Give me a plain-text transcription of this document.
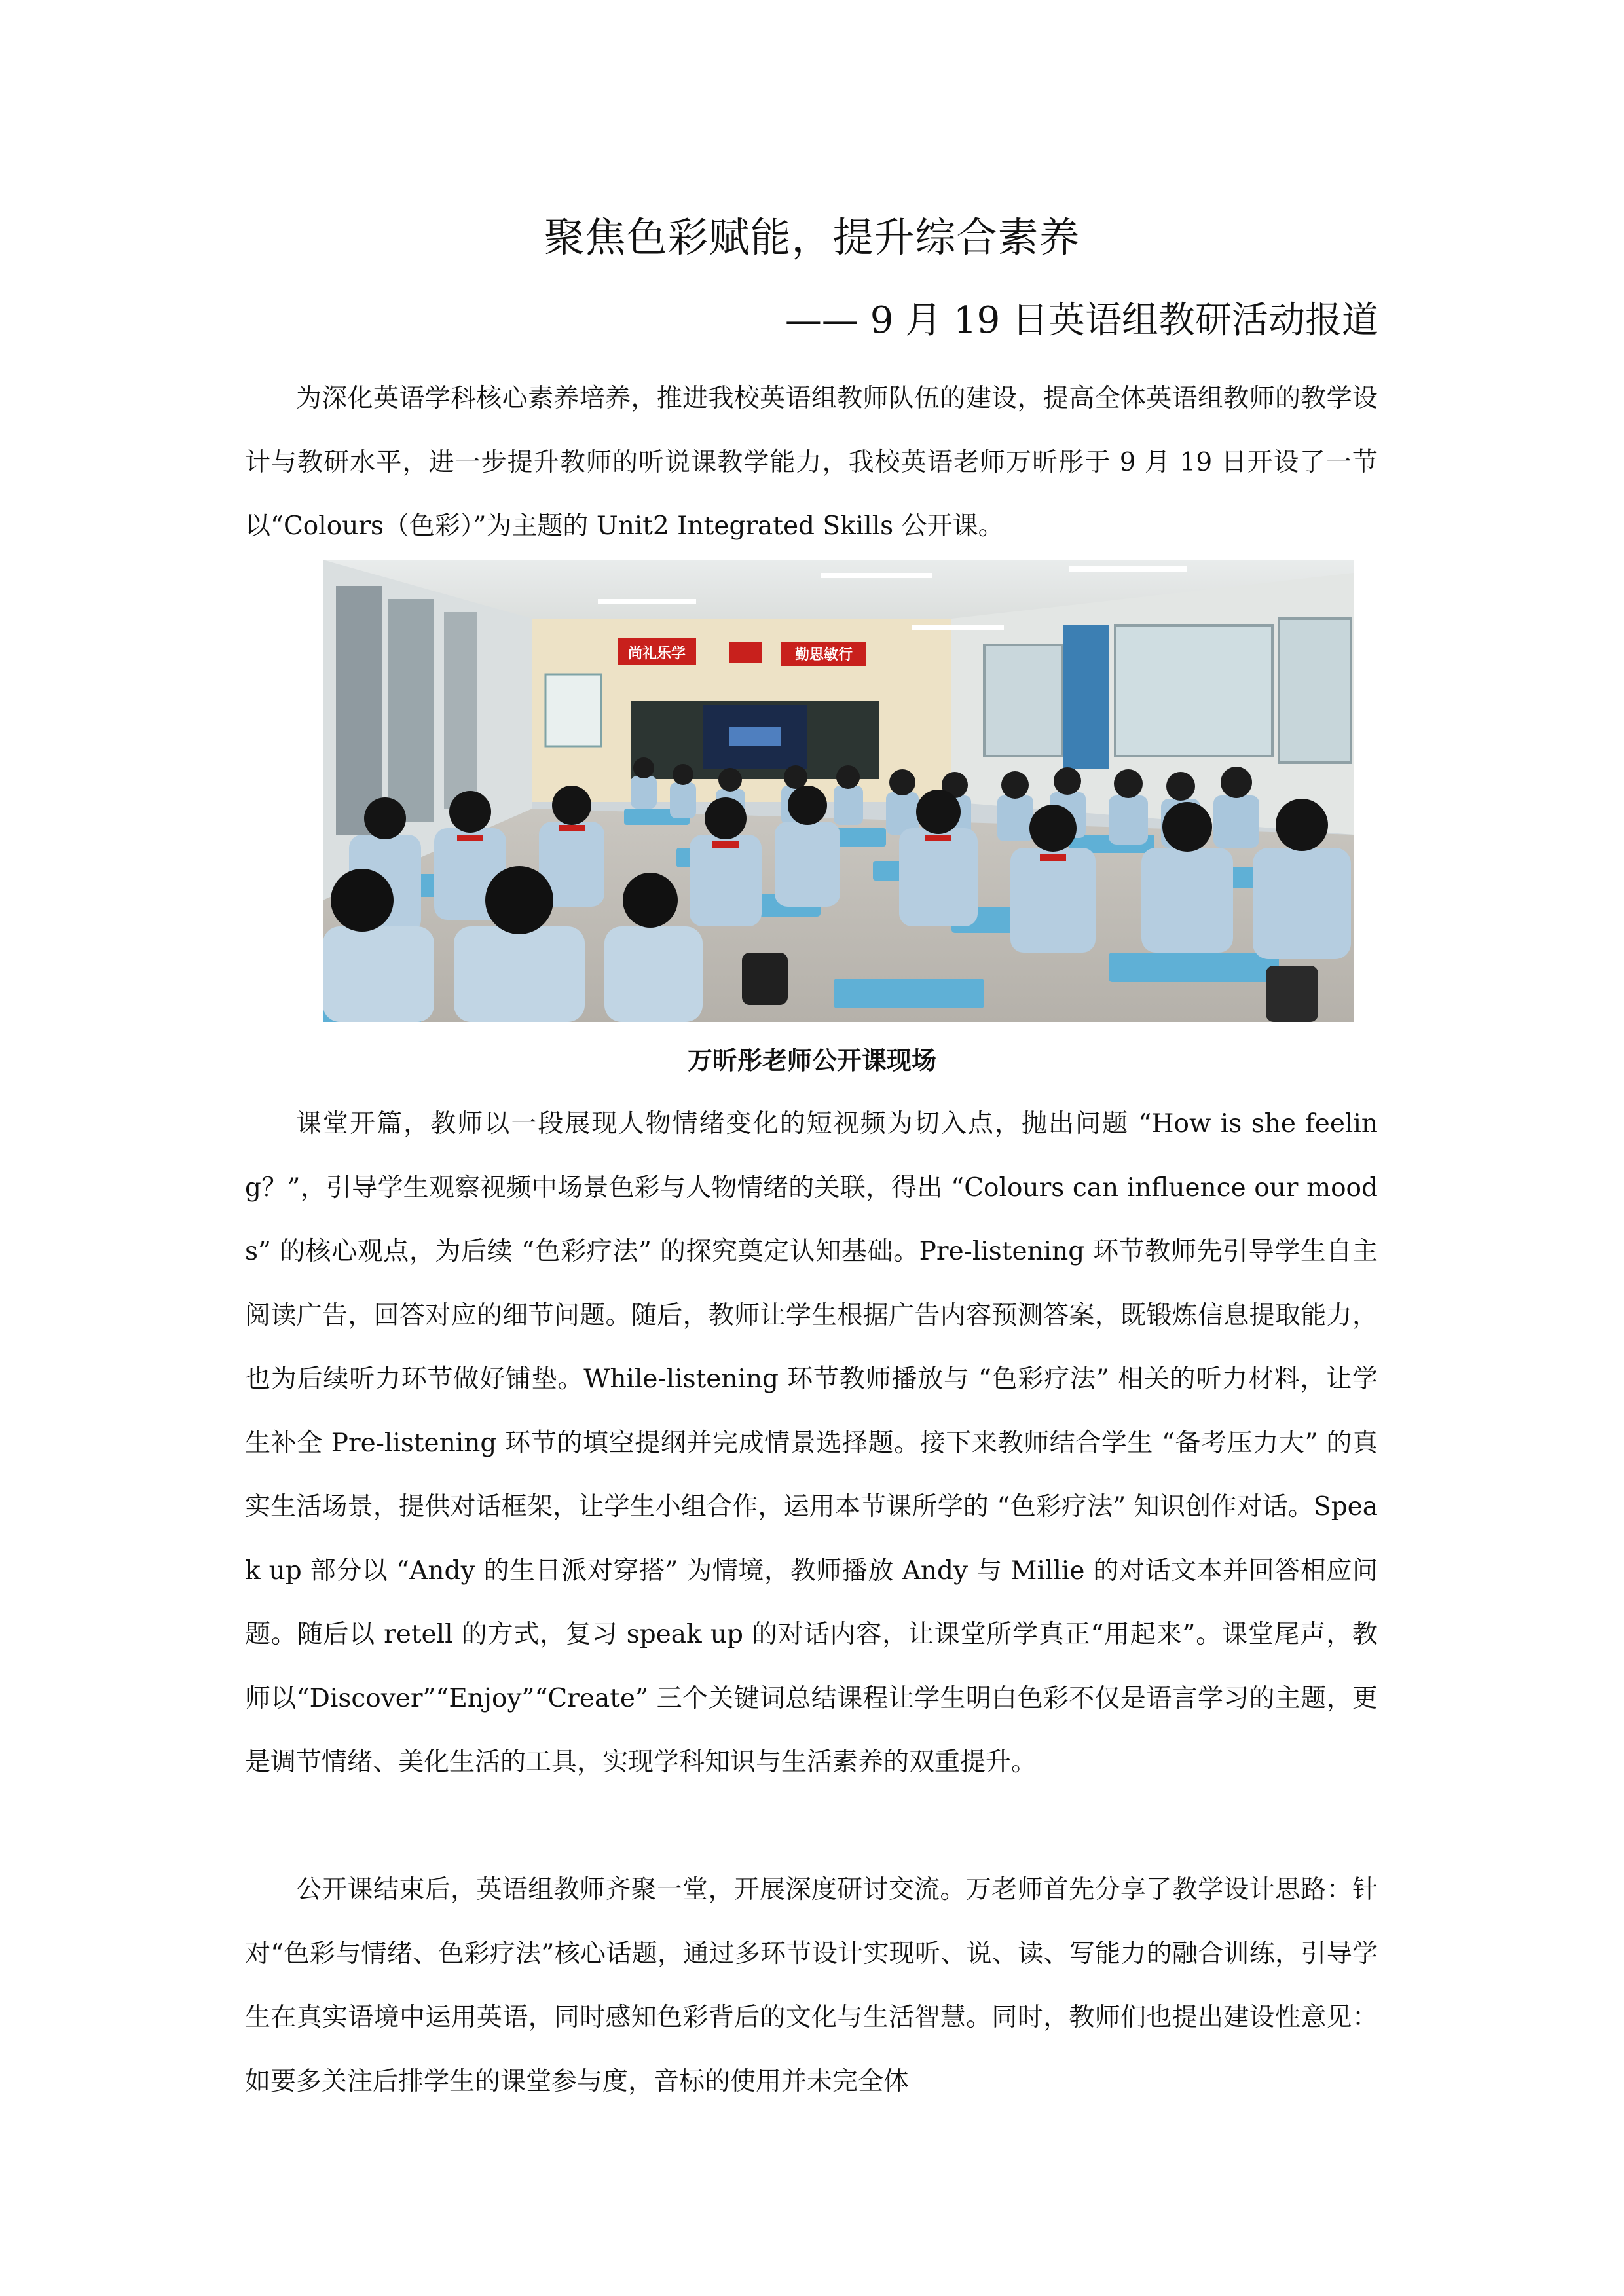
聚焦色彩赋能，提升综合素养

—— 9 月 19 日英语组教研活动报道

为深化英语学科核心素养培养，推进我校英语组教师队伍的建设，提高全体英语组教师的教学设计与教研水平，进一步提升教师的听说课教学能力，我校英语老师万昕彤于 9 月 19 日开设了一节以“Colours（色彩）”为主题的 Unit2 Integrated Skills 公开课。

尚礼乐学	勤思敏行

万昕彤老师公开课现场

课堂开篇，教师以一段展现人物情绪变化的短视频为切入点，抛出问题 “How is she feeling？”，引导学生观察视频中场景色彩与人物情绪的关联，得出 “Colours can influence our moods” 的核心观点，为后续 “色彩疗法” 的探究奠定认知基础。Pre-listening 环节教师先引导学生自主阅读广告，回答对应的细节问题。随后，教师让学生根据广告内容预测答案，既锻炼信息提取能力，也为后续听力环节做好铺垫。While-listening 环节教师播放与 “色彩疗法” 相关的听力材料，让学生补全 Pre-listening 环节的填空提纲并完成情景选择题。接下来教师结合学生 “备考压力大” 的真实生活场景，提供对话框架，让学生小组合作，运用本节课所学的 “色彩疗法” 知识创作对话。Speak up 部分以 “Andy 的生日派对穿搭” 为情境，教师播放 Andy 与 Millie 的对话文本并回答相应问题。随后以 retell 的方式，复习 speak up 的对话内容，让课堂所学真正“用起来”。课堂尾声，教师以“Discover”“Enjoy”“Create” 三个关键词总结课程让学生明白色彩不仅是语言学习的主题，更是调节情绪、美化生活的工具，实现学科知识与生活素养的双重提升。

公开课结束后，英语组教师齐聚一堂，开展深度研讨交流。万老师首先分享了教学设计思路：针对“色彩与情绪、色彩疗法”核心话题，通过多环节设计实现听、说、读、写能力的融合训练，引导学生在真实语境中运用英语，同时感知色彩背后的文化与生活智慧。同时，教师们也提出建设性意见：如要多关注后排学生的课堂参与度，音标的使用并未完全体
